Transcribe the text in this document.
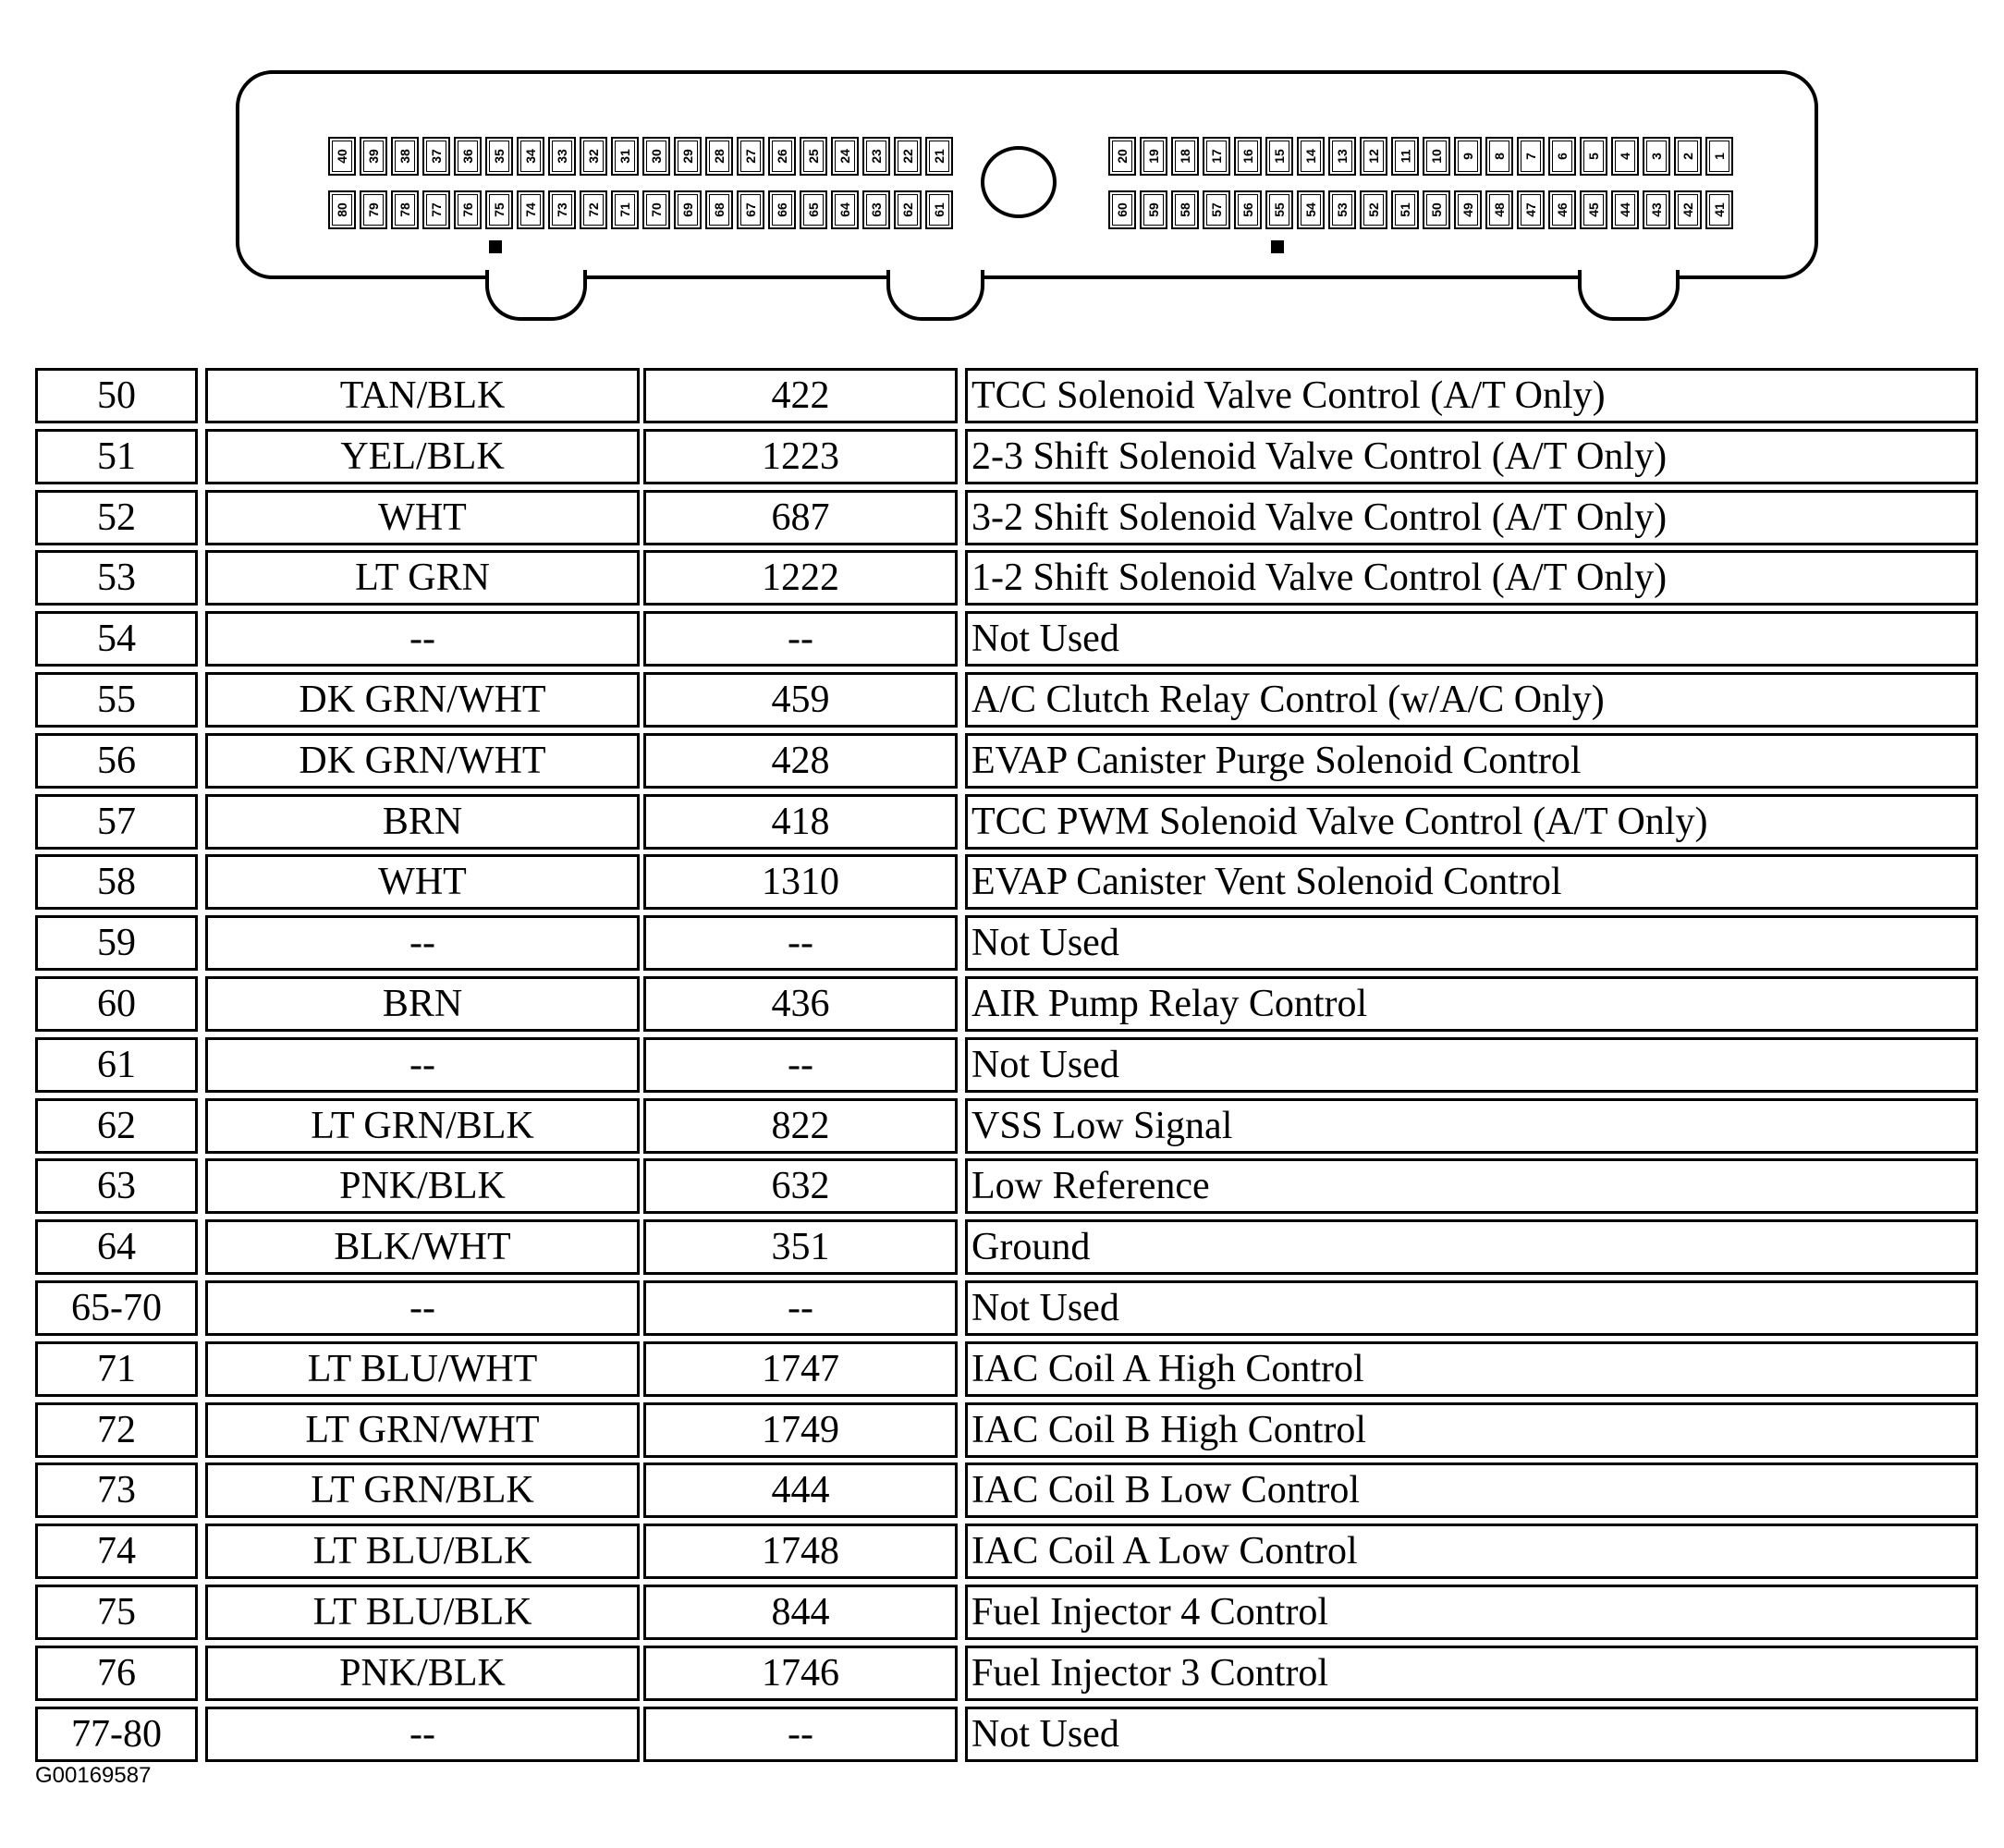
40 39 38 37 36 35 34 33 32 31 30 29 28 27 26 25 24 23 22 21
80 79 78 77 76 75 74 73 72 71 70 69 68 67 66 65 64 63 62 61
20 19 18 17 16 15 14 13 12 11 10 9 8 7 6 5 4 3 2 1
60 59 58 57 56 55 54 53 52 51 50 49 48 47 46 45 44 43 42 41
50	TAN/BLK	422	TCC Solenoid Valve Control (A/T Only)
51	YEL/BLK	1223	2-3 Shift Solenoid Valve Control (A/T Only)
52	WHT	687	3-2 Shift Solenoid Valve Control (A/T Only)
53	LT GRN	1222	1-2 Shift Solenoid Valve Control (A/T Only)
54	--	--	Not Used
55	DK GRN/WHT	459	A/C Clutch Relay Control (w/A/C Only)
56	DK GRN/WHT	428	EVAP Canister Purge Solenoid Control
57	BRN	418	TCC PWM Solenoid Valve Control (A/T Only)
58	WHT	1310	EVAP Canister Vent Solenoid Control
59	--	--	Not Used
60	BRN	436	AIR Pump Relay Control
61	--	--	Not Used
62	LT GRN/BLK	822	VSS Low Signal
63	PNK/BLK	632	Low Reference
64	BLK/WHT	351	Ground
65-70	--	--	Not Used
71	LT BLU/WHT	1747	IAC Coil A High Control
72	LT GRN/WHT	1749	IAC Coil B High Control
73	LT GRN/BLK	444	IAC Coil B Low Control
74	LT BLU/BLK	1748	IAC Coil A Low Control
75	LT BLU/BLK	844	Fuel Injector 4 Control
76	PNK/BLK	1746	Fuel Injector 3 Control
77-80	--	--	Not Used
G00169587
